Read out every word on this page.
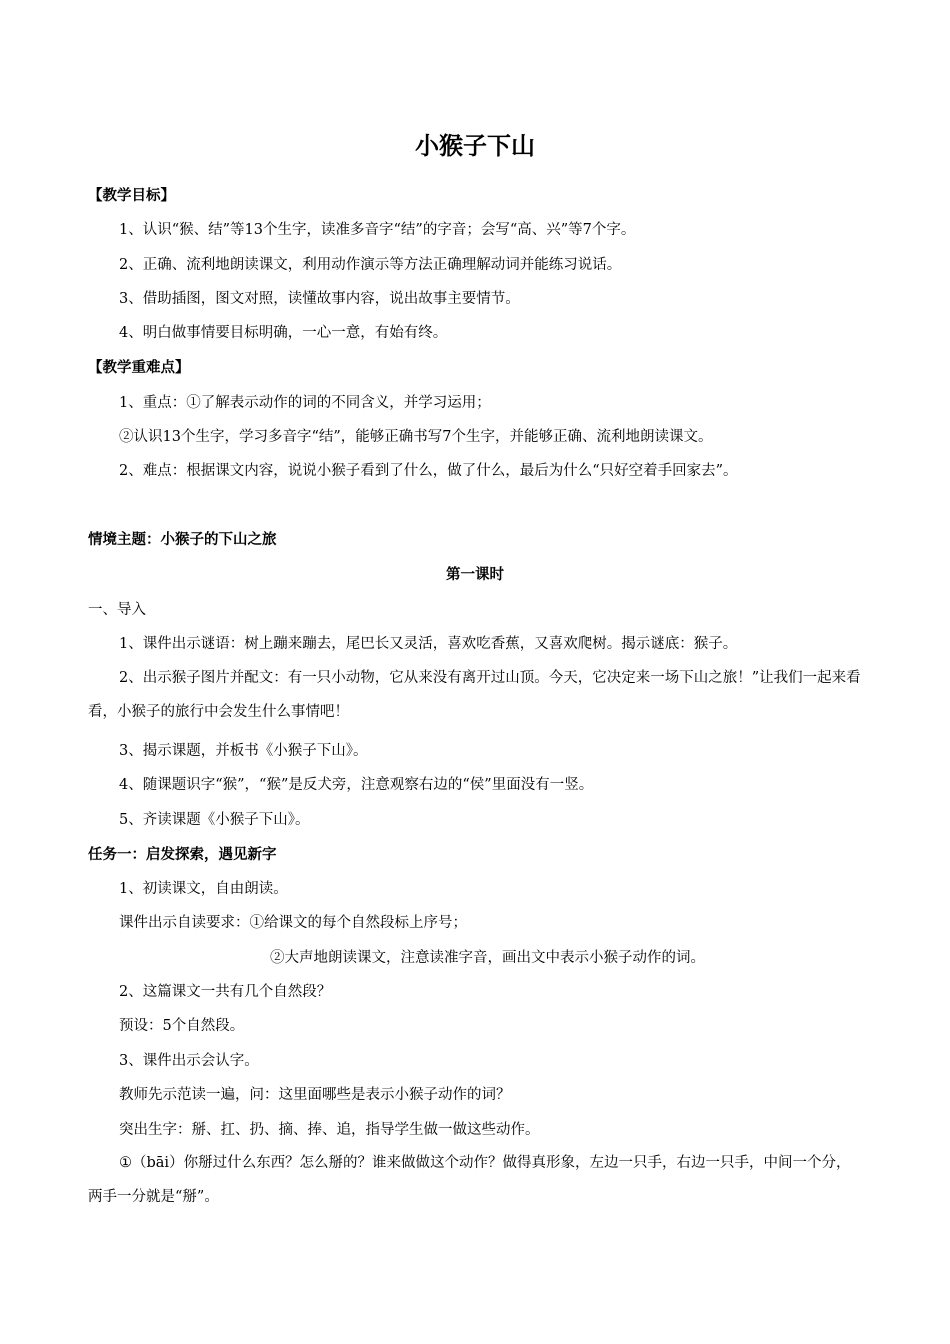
小猴子下山
【教学目标】
1、认识“猴、结”等13个生字，读准多音字“结”的字音；会写“高、兴”等7个字。
2、正确、流利地朗读课文，利用动作演示等方法正确理解动词并能练习说话。
3、借助插图，图文对照，读懂故事内容，说出故事主要情节。
4、明白做事情要目标明确，一心一意，有始有终。
【教学重难点】
1、重点：①了解表示动作的词的不同含义，并学习运用；
②认识13个生字，学习多音字“结”，能够正确书写7个生字，并能够正确、流利地朗读课文。
2、难点：根据课文内容，说说小猴子看到了什么，做了什么，最后为什么“只好空着手回家去”。
情境主题：小猴子的下山之旅
第一课时
一、导入
1、课件出示谜语：树上蹦来蹦去，尾巴长又灵活，喜欢吃香蕉，又喜欢爬树。揭示谜底：猴子。
2、出示猴子图片并配文：有一只小动物，它从来没有离开过山顶。今天，它决定来一场下山之旅！”让我们一起来看看，小猴子的旅行中会发生什么事情吧！
3、揭示课题，并板书《小猴子下山》。
4、随课题识字“猴”，“猴”是反犬旁，注意观察右边的“侯”里面没有一竖。
5、齐读课题《小猴子下山》。
任务一：启发探索，遇见新字
1、初读课文，自由朗读。
课件出示自读要求：①给课文的每个自然段标上序号；
②大声地朗读课文，注意读准字音，画出文中表示小猴子动作的词。
2、这篇课文一共有几个自然段？
预设：5个自然段。
3、课件出示会认字。
教师先示范读一遍，问：这里面哪些是表示小猴子动作的词？
突出生字：掰、扛、扔、摘、捧、追，指导学生做一做这些动作。
①（bāi）你掰过什么东西？怎么掰的？谁来做做这个动作？做得真形象，左边一只手，右边一只手，中间一个分，两手一分就是“掰”。
